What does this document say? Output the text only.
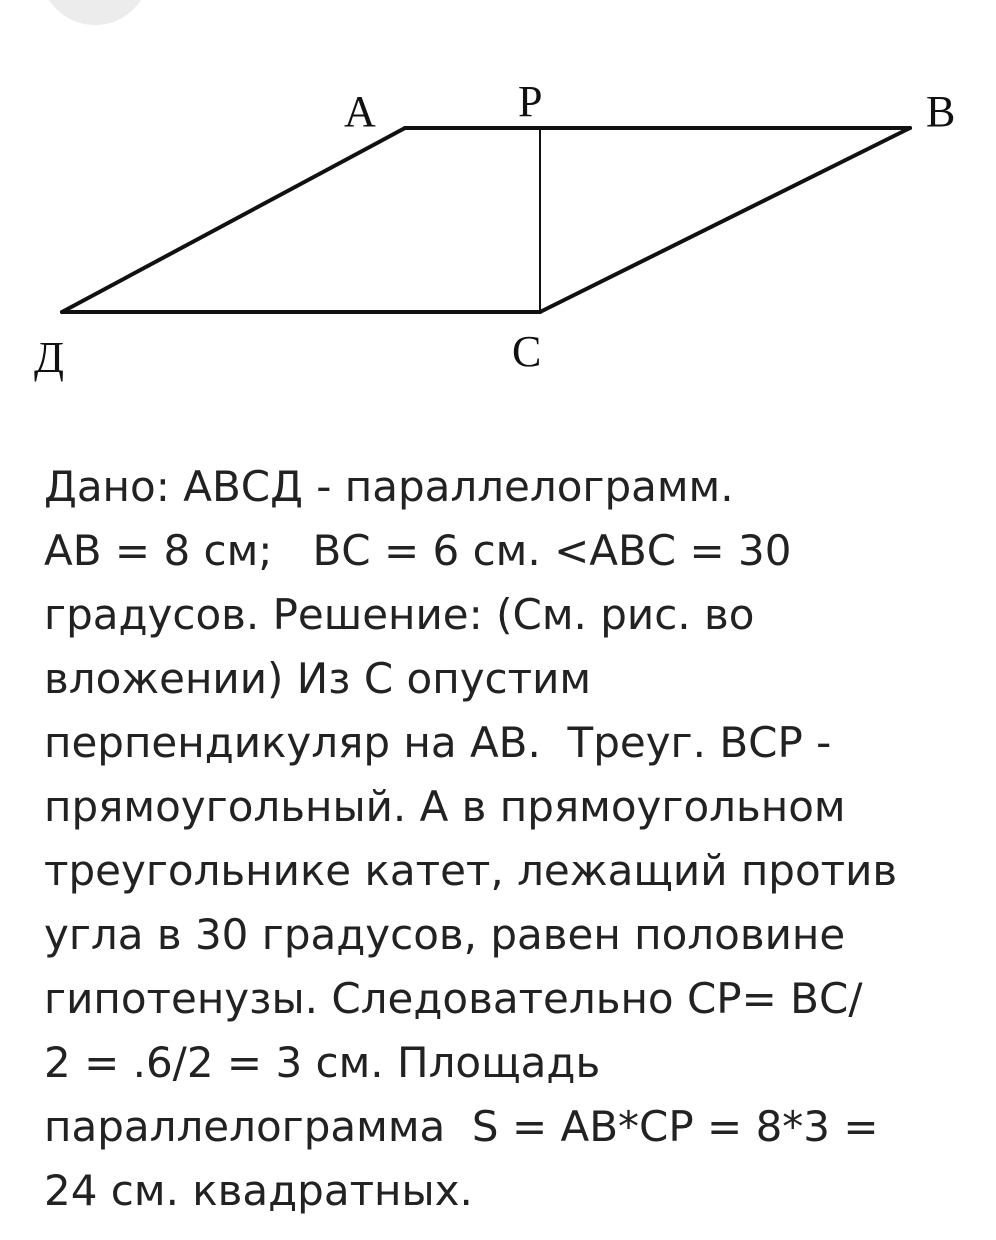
A	P	B
Д	C
Дано: АВСД - параллелограмм.
АВ = 8 см;   ВС = 6 см. <АВС = 30
градусов. Решение: (См. рис. во
вложении) Из С опустим
перпендикуляр на АВ.  Треуг. ВСР -
прямоугольный. А в прямоугольном
треугольнике катет, лежащий против
угла в 30 градусов, равен половине
гипотенузы. Следовательно СР= ВС/
2 = .6/2 = 3 см. Площадь
параллелограмма  S = АВ*СР = 8*3 =
24 см. квадратных.
